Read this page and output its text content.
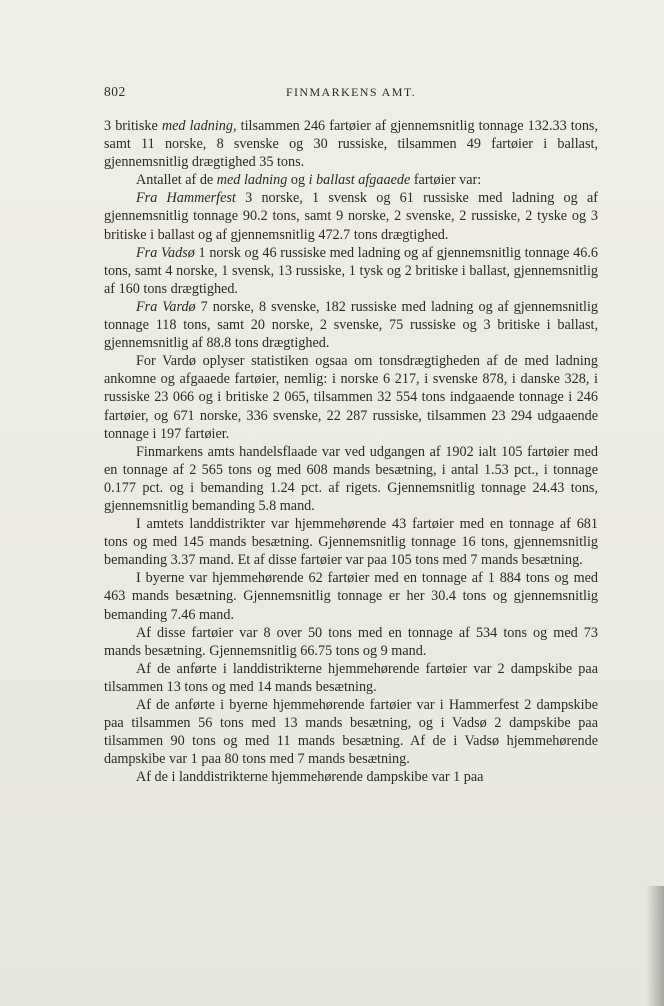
802	FINMARKENS AMT.

3 britiske med ladning, tilsammen 246 fartøier af gjennemsnitlig tonnage 132.33 tons, samt 11 norske, 8 svenske og 30 russiske, tilsammen 49 fartøier i ballast, gjennemsnitlig drægtighed 35 tons.

Antallet af de med ladning og i ballast afgaaede fartøier var:

Fra Hammerfest 3 norske, 1 svensk og 61 russiske med ladning og af gjennemsnitlig tonnage 90.2 tons, samt 9 norske, 2 svenske, 2 russiske, 2 tyske og 3 britiske i ballast og af gjennemsnitlig 472.7 tons drægtighed.

Fra Vadsø 1 norsk og 46 russiske med ladning og af gjennemsnitlig tonnage 46.6 tons, samt 4 norske, 1 svensk, 13 russiske, 1 tysk og 2 britiske i ballast, gjennemsnitlig af 160 tons drægtighed.

Fra Vardø 7 norske, 8 svenske, 182 russiske med ladning og af gjennemsnitlig tonnage 118 tons, samt 20 norske, 2 svenske, 75 russiske og 3 britiske i ballast, gjennemsnitlig af 88.8 tons drægtighed.

For Vardø oplyser statistiken ogsaa om tonsdrægtigheden af de med ladning ankomne og afgaaede fartøier, nemlig: i norske 6 217, i svenske 878, i danske 328, i russiske 23 066 og i britiske 2 065, tilsammen 32 554 tons indgaaende tonnage i 246 fartøier, og 671 norske, 336 svenske, 22 287 russiske, tilsammen 23 294 udgaaende tonnage i 197 fartøier.

Finmarkens amts handelsflaade var ved udgangen af 1902 ialt 105 fartøier med en tonnage af 2 565 tons og med 608 mands besætning, i antal 1.53 pct., i tonnage 0.177 pct. og i bemanding 1.24 pct. af rigets. Gjennemsnitlig tonnage 24.43 tons, gjennemsnitlig bemanding 5.8 mand.

I amtets landdistrikter var hjemmehørende 43 fartøier med en tonnage af 681 tons og med 145 mands besætning. Gjennemsnitlig tonnage 16 tons, gjennemsnitlig bemanding 3.37 mand. Et af disse fartøier var paa 105 tons med 7 mands besætning.

I byerne var hjemmehørende 62 fartøier med en tonnage af 1 884 tons og med 463 mands besætning. Gjennemsnitlig tonnage er her 30.4 tons og gjennemsnitlig bemanding 7.46 mand.

Af disse fartøier var 8 over 50 tons med en tonnage af 534 tons og med 73 mands besætning. Gjennemsnitlig 66.75 tons og 9 mand.

Af de anførte i landdistrikterne hjemmehørende fartøier var 2 dampskibe paa tilsammen 13 tons og med 14 mands besætning.

Af de anførte i byerne hjemmehørende fartøier var i Hammerfest 2 dampskibe paa tilsammen 56 tons med 13 mands besætning, og i Vadsø 2 dampskibe paa tilsammen 90 tons og med 11 mands besætning. Af de i Vadsø hjemmehørende dampskibe var 1 paa 80 tons med 7 mands besætning.

Af de i landdistrikterne hjemmehørende dampskibe var 1 paa
